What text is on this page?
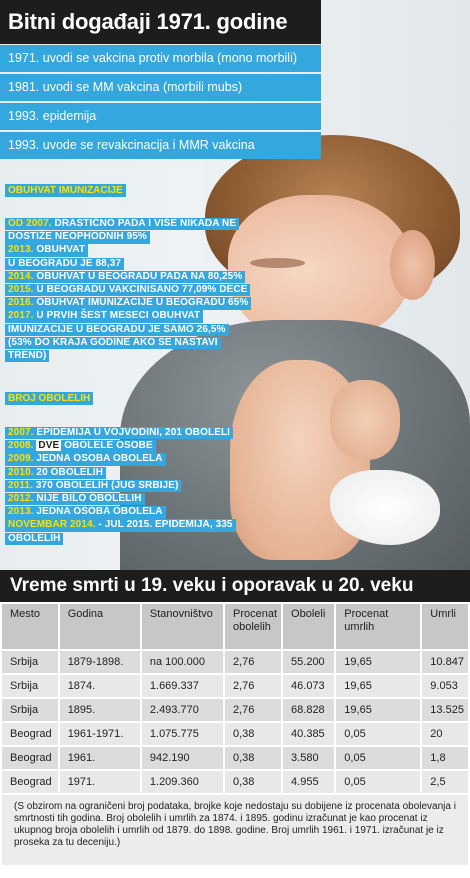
Bitni događaji 1971. godine
1971. uvodi se vakcina protiv morbila (mono morbili)
1981. uvodi se MM vakcina (morbili mubs)
1993. epidemija
1993. uvode se revakcinacija i MMR vakcina
OBUHVAT IMUNIZACIJE
OD 2007. DRASTIČNO PADA I VIŠE NIKADA NE
DOSTIŽE NEOPHODNIH 95%
2013. OBUHVAT
U BEOGRADU JE 88,37
2014. OBUHVAT U BEOGRADU PADA NA 80,25%
2015. U BEOGRADU VAKCINISANO 77,09% DECE
2016. OBUHVAT IMUNIZACIJE U BEOGRADU 65%
2017. U PRVIH ŠEST MESECI OBUHVAT
IMUNIZACIJE U BEOGRADU JE SAMO 26,5%
(53% DO KRAJA GODINE AKO SE NASTAVI
TREND)
BROJ OBOLELIH
2007. EPIDEMIJA U VOJVODINI, 201 OBOLELI
2008. DVE OBOLELE OSOBE
2009. JEDNA OSOBA OBOLELA
2010. 20 OBOLELIH
2011. 370 OBOLELIH (JUG SRBIJE)
2012. NIJE BILO OBOLELIH
2013. JEDNA OSOBA OBOLELA
NOVEMBAR 2014. - JUL 2015. EPIDEMIJA, 335
OBOLELIH
Vreme smrti u 19. veku i oporavak u 20. veku
Mesto	Godina	Stanovništvo	Procenat obolelih	Oboleli	Procenat umrlih	Umrli
Srbija	1879-1898.	na 100.000	2,76	55.200	19,65	10.847
Srbija	1874.	1.669.337	2,76	46.073	19,65	9.053
Srbija	1895.	2.493.770	2,76	68.828	19,65	13.525
Beograd	1961-1971.	1.075.775	0,38	40.385	0,05	20
Beograd	1961.	942.190	0,38	3.580	0,05	1,8
Beograd	1971.	1.209.360	0,38	4.955	0,05	2,5
(S obzirom na ograničeni broj podataka, brojke koje nedostaju su dobijene iz procenata obolevanja i smrtnosti tih godina. Broj obolelih i umrlih za 1874. i 1895. godinu izračunat je kao procenat iz ukupnog broja obolelih i umrlih od 1879. do 1898. godine. Broj umrlih 1961. i 1971. izračunat je iz proseka za tu deceniju.)
